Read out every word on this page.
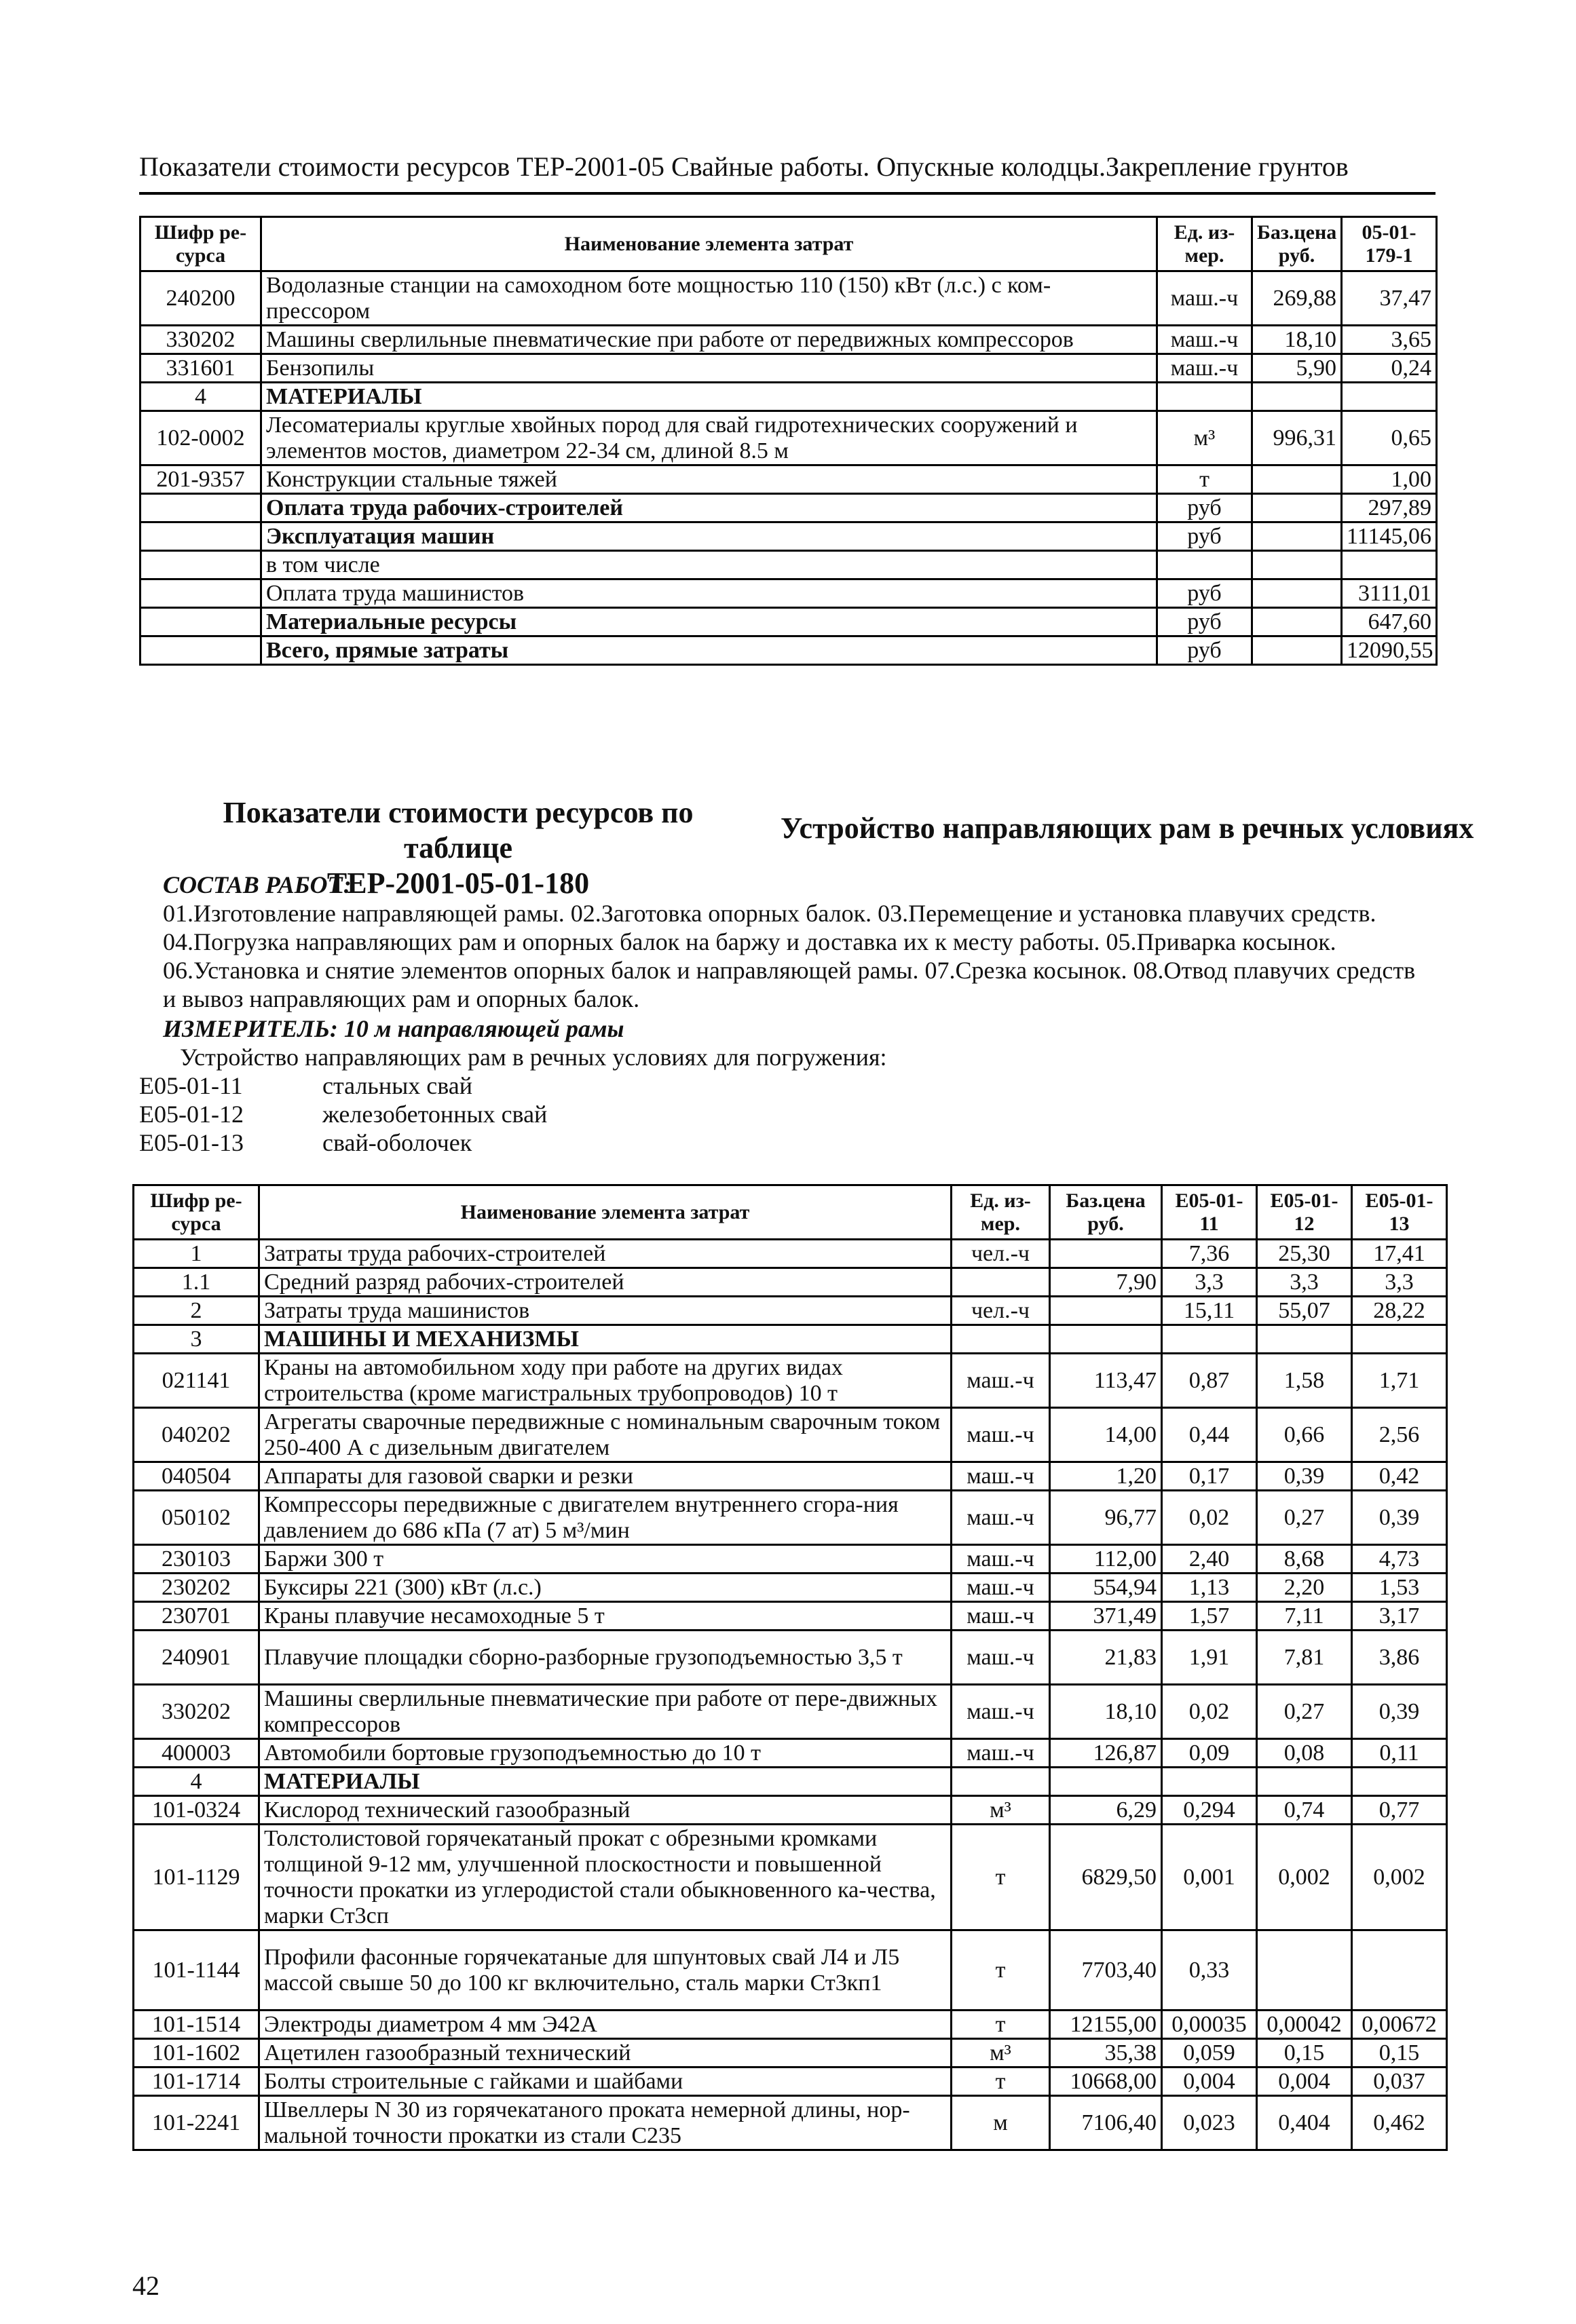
Показатели стоимости ресурсов ТЕР-2001-05 Свайные работы. Опускные колодцы.Закрепление грунтов
Шифр ре-сурса	Наименование элемента затрат	Ед. из-мер.	Баз.цена руб.	05-01-179-1
240200	Водолазные станции на самоходном боте мощностью 110 (150) кВт (л.с.) с ком-прессором	маш.-ч	269,88	37,47
330202	Машины сверлильные пневматические при работе от передвижных компрессоров	маш.-ч	18,10	3,65
331601	Бензопилы	маш.-ч	5,90	0,24
4	МАТЕРИАЛЫ			
102-0002	Лесоматериалы круглые хвойных пород для свай гидротехнических сооружений и элементов мостов, диаметром 22-34 см, длиной 8.5 м	м³	996,31	0,65
201-9357	Конструкции стальные тяжей	т		1,00
	Оплата труда рабочих-строителей	руб		297,89
	Эксплуатация машин	руб		11145,06
	в том числе			
	Оплата труда машинистов	руб		3111,01
	Материальные ресурсы	руб		647,60
	Всего, прямые затраты	руб		12090,55
Показатели стоимости ресурсов по таблице
ТЕР-2001-05-01-180
Устройство направляющих рам в речных условиях
СОСТАВ РАБОТ:
01.Изготовление направляющей рамы. 02.Заготовка опорных балок. 03.Перемещение и установка плавучих средств.
04.Погрузка направляющих рам и опорных балок на баржу и доставка их к месту работы. 05.Приварка косынок.
06.Установка и снятие элементов опорных балок и направляющей рамы. 07.Срезка косынок. 08.Отвод плавучих средств
и вывоз направляющих рам и опорных балок.
ИЗМЕРИТЕЛЬ: 10 м направляющей рамы
Устройство направляющих рам в речных условиях для погружения:
Е05-01-11	стальных свай
Е05-01-12	железобетонных свай
Е05-01-13	свай-оболочек
Шифр ре-сурса	Наименование элемента затрат	Ед. из-мер.	Баз.цена руб.	Е05-01-11	Е05-01-12	Е05-01-13
1	Затраты труда рабочих-строителей	чел.-ч		7,36	25,30	17,41
1.1	Средний разряд рабочих-строителей		7,90	3,3	3,3	3,3
2	Затраты труда машинистов	чел.-ч		15,11	55,07	28,22
3	МАШИНЫ И МЕХАНИЗМЫ					
021141	Краны на автомобильном ходу при работе на других видах строительства (кроме магистральных трубопроводов) 10 т	маш.-ч	113,47	0,87	1,58	1,71
040202	Агрегаты сварочные передвижные с номинальным сварочным током 250-400 А с дизельным двигателем	маш.-ч	14,00	0,44	0,66	2,56
040504	Аппараты для газовой сварки и резки	маш.-ч	1,20	0,17	0,39	0,42
050102	Компрессоры передвижные с двигателем внутреннего сгора-ния давлением до 686 кПа (7 ат) 5 м³/мин	маш.-ч	96,77	0,02	0,27	0,39
230103	Баржи 300 т	маш.-ч	112,00	2,40	8,68	4,73
230202	Буксиры 221 (300) кВт (л.с.)	маш.-ч	554,94	1,13	2,20	1,53
230701	Краны плавучие несамоходные 5 т	маш.-ч	371,49	1,57	7,11	3,17
240901	Плавучие площадки сборно-разборные грузоподъемностью 3,5 т	маш.-ч	21,83	1,91	7,81	3,86
330202	Машины сверлильные пневматические при работе от пере-движных компрессоров	маш.-ч	18,10	0,02	0,27	0,39
400003	Автомобили бортовые грузоподъемностью до 10 т	маш.-ч	126,87	0,09	0,08	0,11
4	МАТЕРИАЛЫ					
101-0324	Кислород технический газообразный	м³	6,29	0,294	0,74	0,77
101-1129	Толстолистовой горячекатаный прокат с обрезными кромками толщиной 9-12 мм, улучшенной плоскостности и повышенной точности прокатки из углеродистой стали обыкновенного ка-чества, марки Ст3сп	т	6829,50	0,001	0,002	0,002
101-1144	Профили фасонные горячекатаные для шпунтовых свай Л4 и Л5 массой свыше 50 до 100 кг включительно, сталь марки Ст3кп1	т	7703,40	0,33		
101-1514	Электроды диаметром 4 мм Э42А	т	12155,00	0,00035	0,00042	0,00672
101-1602	Ацетилен газообразный технический	м³	35,38	0,059	0,15	0,15
101-1714	Болты строительные с гайками и шайбами	т	10668,00	0,004	0,004	0,037
101-2241	Швеллеры N 30 из горячекатаного проката немерной длины, нор-мальной точности прокатки из стали С235	м	7106,40	0,023	0,404	0,462
42
